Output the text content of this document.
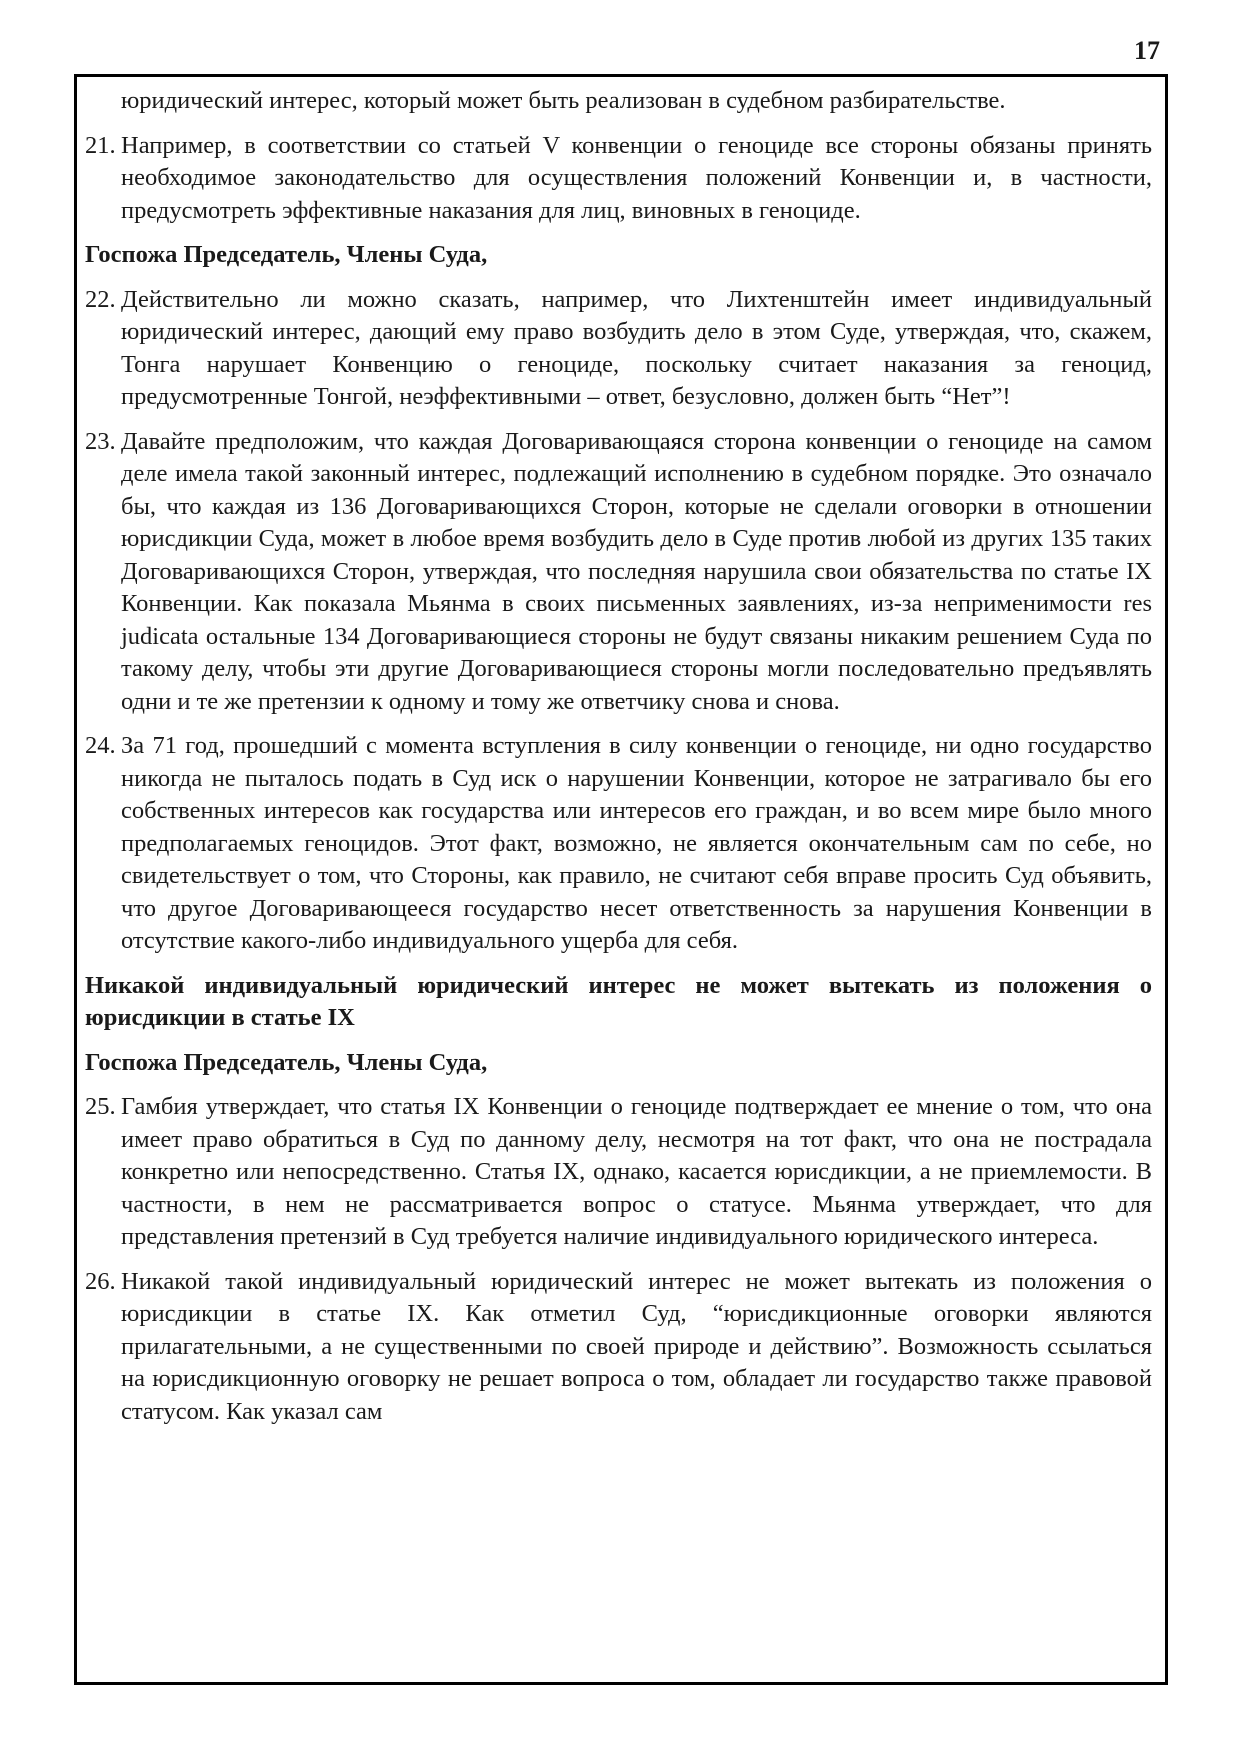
17

юридический интерес, который может быть реализован в судебном разбирательстве.

21. Например, в соответствии со статьей V конвенции о геноциде все стороны обязаны принять необходимое законодательство для осуществления положений Конвенции и, в частности, предусмотреть эффективные наказания для лиц, виновных в геноциде.

Госпожа Председатель, Члены Суда,

22. Действительно ли можно сказать, например, что Лихтенштейн имеет индивидуальный юридический интерес, дающий ему право возбудить дело в этом Суде, утверждая, что, скажем, Тонга нарушает Конвенцию о геноциде, поскольку считает наказания за геноцид, предусмотренные Тонгой, неэффективными – ответ, безусловно, должен быть “Нет”!
23. Давайте предположим, что каждая Договаривающаяся сторона конвенции о геноциде на самом деле имела такой законный интерес, подлежащий исполнению в судебном порядке. Это означало бы, что каждая из 136 Договаривающихся Сторон, которые не сделали оговорки в отношении юрисдикции Суда, может в любое время возбудить дело в Суде против любой из других 135 таких Договаривающихся Сторон, утверждая, что последняя нарушила свои обязательства по статье IX Конвенции. Как показала Мьянма в своих письменных заявлениях, из-за неприменимости res judicata остальные 134 Договаривающиеся стороны не будут связаны никаким решением Суда по такому делу, чтобы эти другие Договаривающиеся стороны могли последовательно предъявлять одни и те же претензии к одному и тому же ответчику снова и снова.
24. За 71 год, прошедший с момента вступления в силу конвенции о геноциде, ни одно государство никогда не пыталось подать в Суд иск о нарушении Конвенции, которое не затрагивало бы его собственных интересов как государства или интересов его граждан, и во всем мире было много предполагаемых геноцидов. Этот факт, возможно, не является окончательным сам по себе, но свидетельствует о том, что Стороны, как правило, не считают себя вправе просить Суд объявить, что другое Договаривающееся государство несет ответственность за нарушения Конвенции в отсутствие какого-либо индивидуального ущерба для себя.

Никакой индивидуальный юридический интерес не может вытекать из положения о юрисдикции в статье IX

Госпожа Председатель, Члены Суда,

25. Гамбия утверждает, что статья IX Конвенции о геноциде подтверждает ее мнение о том, что она имеет право обратиться в Суд по данному делу, несмотря на тот факт, что она не пострадала конкретно или непосредственно. Статья IX, однако, касается юрисдикции, а не приемлемости. В частности, в нем не рассматривается вопрос о статусе. Мьянма утверждает, что для представления претензий в Суд требуется наличие индивидуального юридического интереса.
26. Никакой такой индивидуальный юридический интерес не может вытекать из положения о юрисдикции в статье IX. Как отметил Суд, “юрисдикционные оговорки являются прилагательными, а не существенными по своей природе и действию”. Возможность ссылаться на юрисдикционную оговорку не решает вопроса о том, обладает ли государство также правовой статусом. Как указал сам
